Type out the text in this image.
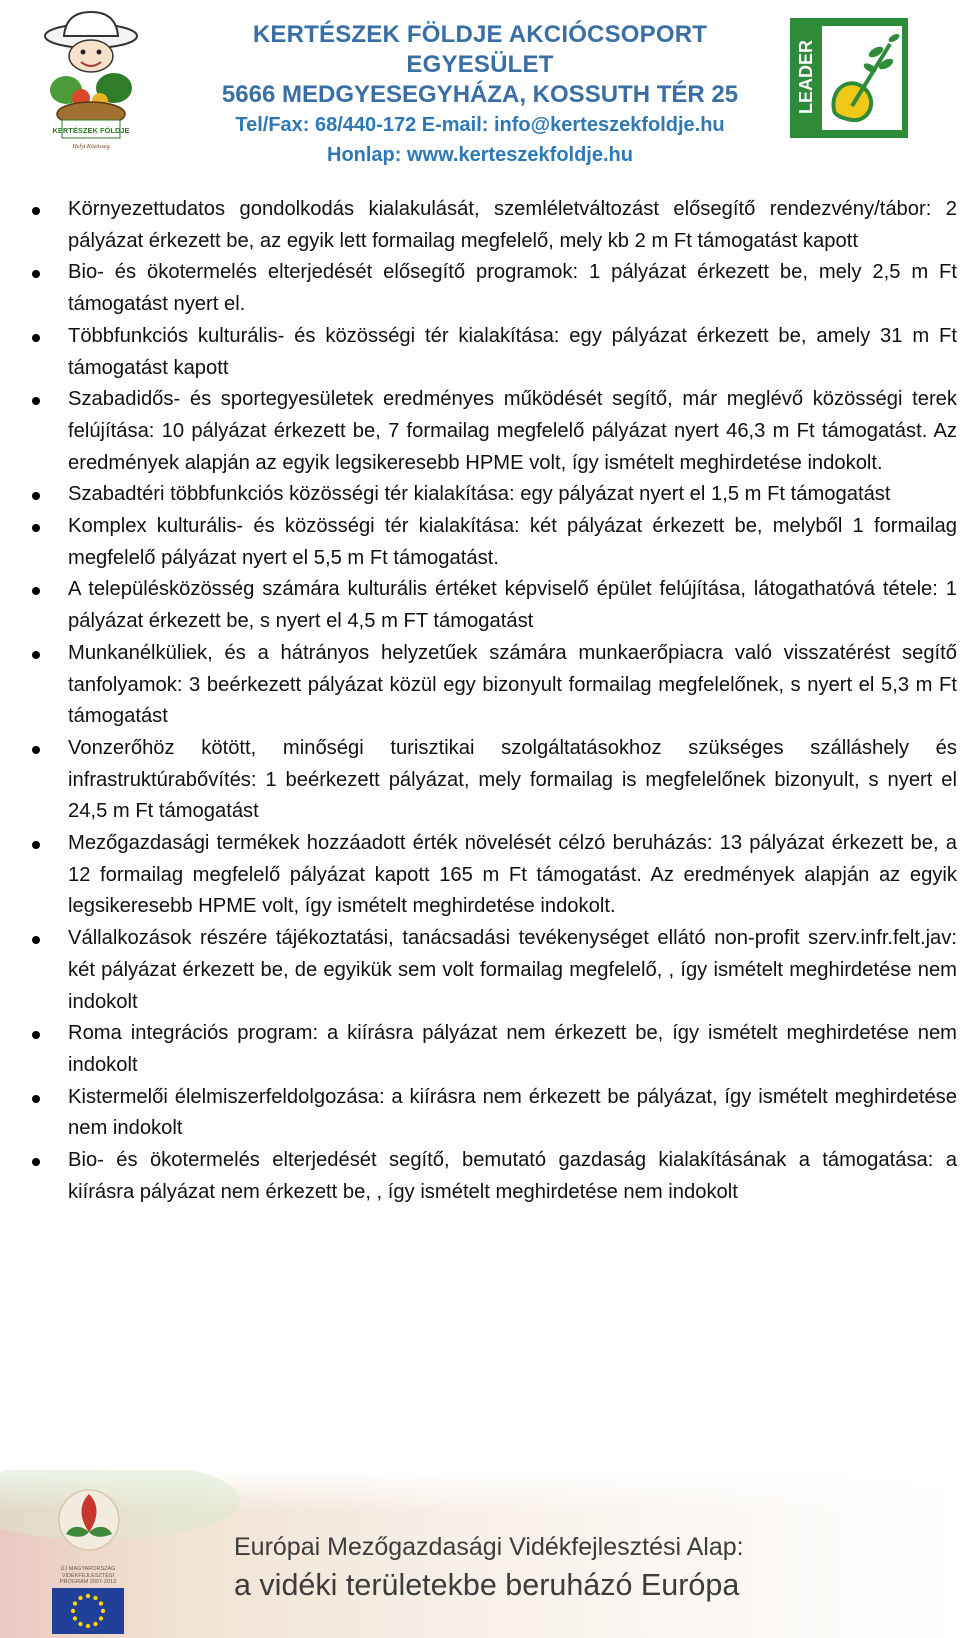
KERTÉSZEK FÖLDJE
Helyi Közösség
KERTÉSZEK FÖLDJE AKCIÓCSOPORT EGYESÜLET
5666 MEDGYESEGYHÁZA, KOSSUTH TÉR 25
Tel/Fax: 68/440-172 E-mail: info@kerteszekfoldje.hu
Honlap: www.kerteszekfoldje.hu
LEADER
Környezettudatos gondolkodás kialakulását, szemléletváltozást elősegítő rendezvény/tábor: 2 pályázat érkezett be, az egyik lett formailag megfelelő, mely kb 2 m Ft támogatást kapott
Bio- és ökotermelés elterjedését elősegítő programok: 1 pályázat érkezett be, mely 2,5 m Ft támogatást nyert el.
Többfunkciós kulturális- és közösségi tér kialakítása: egy pályázat érkezett be, amely 31 m Ft támogatást kapott
Szabadidős- és sportegyesületek eredményes működését segítő, már meglévő közösségi terek felújítása: 10 pályázat érkezett be, 7 formailag megfelelő pályázat nyert 46,3 m Ft támogatást. Az eredmények alapján az egyik legsikeresebb HPME volt, így ismételt meghirdetése indokolt.
Szabadtéri többfunkciós közösségi tér kialakítása: egy pályázat nyert el 1,5 m Ft támogatást
Komplex kulturális- és közösségi tér kialakítása: két pályázat érkezett be, melyből 1 formailag megfelelő pályázat nyert el 5,5 m Ft támogatást.
A településközösség számára kulturális értéket képviselő épület felújítása, látogathatóvá tétele: 1 pályázat érkezett be, s nyert el 4,5 m FT támogatást
Munkanélküliek, és a hátrányos helyzetűek számára munkaerőpiacra való visszatérést segítő tanfolyamok: 3 beérkezett pályázat közül egy bizonyult formailag megfelelőnek, s nyert el 5,3 m Ft támogatást
Vonzerőhöz kötött, minőségi turisztikai szolgáltatásokhoz szükséges szálláshely és infrastruktúrabővítés: 1 beérkezett pályázat, mely formailag is megfelelőnek bizonyult, s nyert el 24,5 m Ft támogatást
Mezőgazdasági termékek hozzáadott érték növelését célzó beruházás: 13 pályázat érkezett be, a 12 formailag megfelelő pályázat kapott 165 m Ft támogatást. Az eredmények alapján az egyik legsikeresebb HPME volt, így ismételt meghirdetése indokolt.
Vállalkozások részére tájékoztatási, tanácsadási tevékenységet ellátó non-profit szerv.infr.felt.jav: két pályázat érkezett be, de egyikük sem volt formailag megfelelő, , így ismételt meghirdetése nem indokolt
Roma integrációs program: a kiírásra pályázat nem érkezett be, így ismételt meghirdetése nem indokolt
Kistermelői élelmiszerfeldolgozása: a kiírásra nem érkezett be pályázat, így ismételt meghirdetése nem indokolt
Bio- és ökotermelés elterjedését segítő, bemutató gazdaság kialakításának a támogatása: a kiírásra pályázat nem érkezett be, , így ismételt meghirdetése nem indokolt
ÚJ MAGYARORSZÁG VIDÉKFEJLESZTÉSI PROGRAM 2007-2013
Európai Mezőgazdasági Vidékfejlesztési Alap:
a vidéki területekbe beruházó Európa
